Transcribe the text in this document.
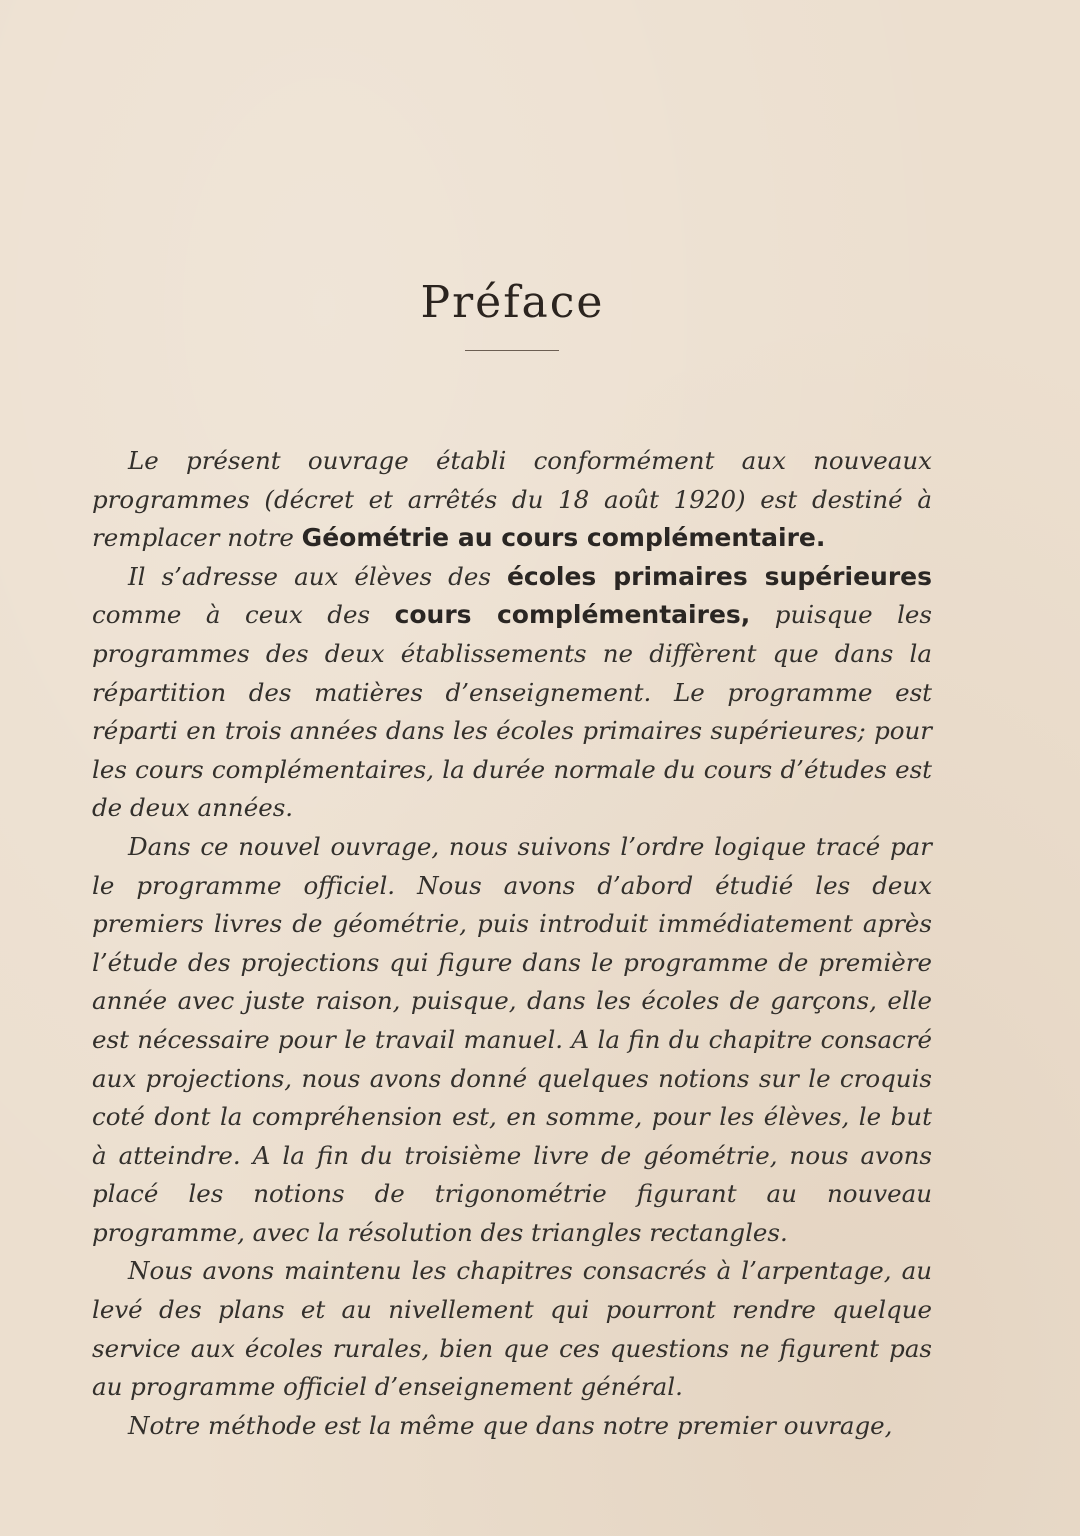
Préface

Le présent ouvrage établi conformément aux nouveaux programmes (décret et arrêtés du 18 août 1920) est destiné à remplacer notre Géométrie au cours complémentaire.

Il s’adresse aux élèves des écoles primaires supérieures comme à ceux des cours complémentaires, puisque les programmes des deux établissements ne diffèrent que dans la répartition des matières d’enseignement. Le programme est réparti en trois années dans les écoles primaires supérieures; pour les cours complémentaires, la durée normale du cours d’études est de deux années.

Dans ce nouvel ouvrage, nous suivons l’ordre logique tracé par le programme officiel. Nous avons d’abord étudié les deux premiers livres de géométrie, puis introduit immédiatement après l’étude des projections qui figure dans le programme de première année avec juste raison, puisque, dans les écoles de garçons, elle est nécessaire pour le travail manuel. A la fin du chapitre consacré aux projections, nous avons donné quelques notions sur le croquis coté dont la compréhension est, en somme, pour les élèves, le but à atteindre. A la fin du troisième livre de géométrie, nous avons placé les notions de trigonométrie figurant au nouveau programme, avec la résolution des triangles rectangles.

Nous avons maintenu les chapitres consacrés à l’arpentage, au levé des plans et au nivellement qui pourront rendre quelque service aux écoles rurales, bien que ces questions ne figurent pas au programme officiel d’enseignement général.

Notre méthode est la même que dans notre premier ouvrage,
